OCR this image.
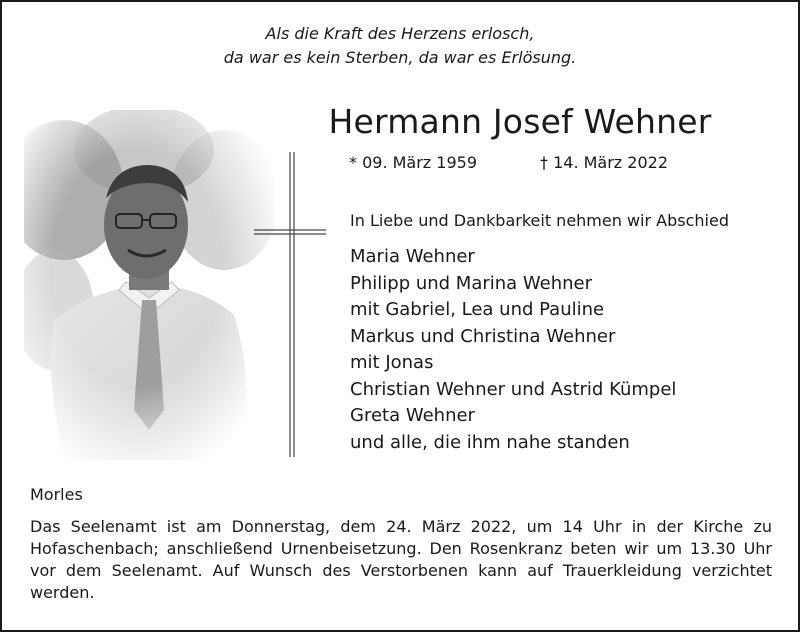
Als die Kraft des Herzens erlosch,
da war es kein Sterben, da war es Erlösung.
Hermann Josef Wehner
* 09. März 1959	† 14. März 2022
In Liebe und Dankbarkeit nehmen wir Abschied
Maria Wehner
Philipp und Marina Wehner
mit Gabriel, Lea und Pauline
Markus und Christina Wehner
mit Jonas
Christian Wehner und Astrid Kümpel
Greta Wehner
und alle, die ihm nahe standen
Morles
Das Seelenamt ist am Donnerstag, dem 24. März 2022, um 14 Uhr in der Kirche zu Hofaschenbach; anschließend Urnenbeisetzung. Den Rosenkranz beten wir um 13.30 Uhr vor dem Seelenamt. Auf Wunsch des Verstorbenen kann auf Trauerkleidung verzichtet werden.
